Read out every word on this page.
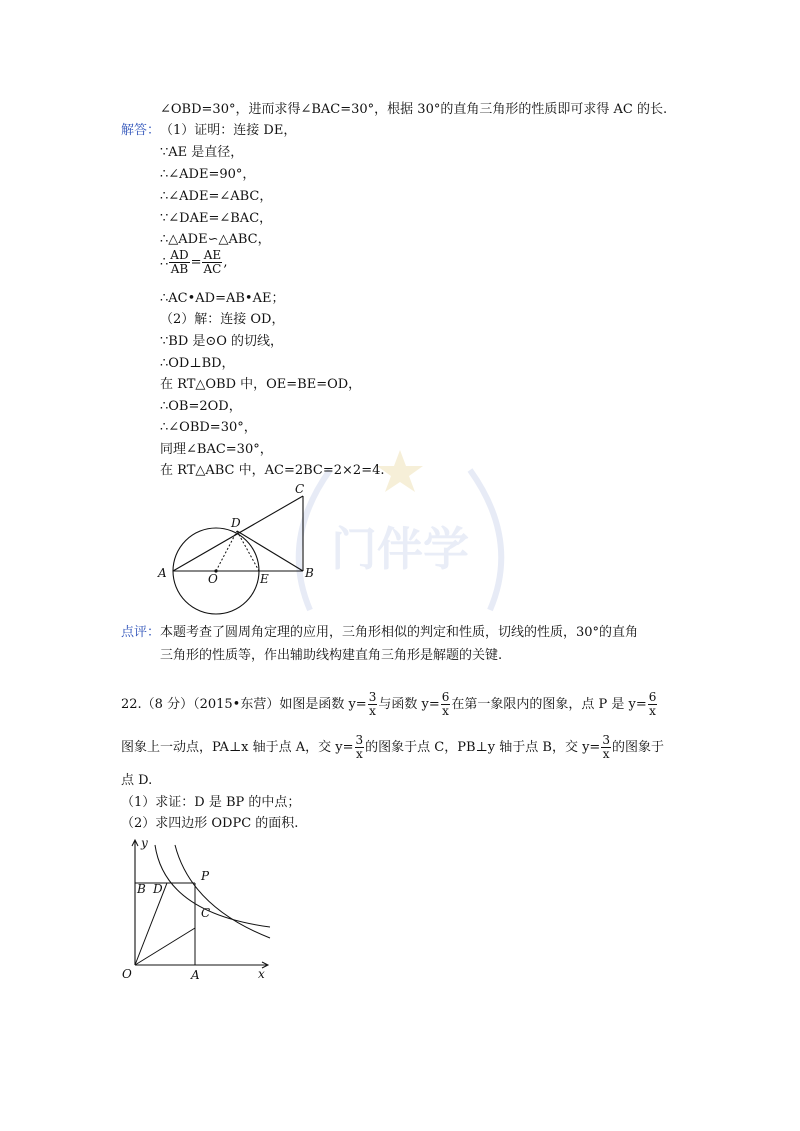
门伴学
∠OBD=30°，进而求得∠BAC=30°，根据 30°的直角三角形的性质即可求得 AC 的长.
解答： （1）证明：连接 DE，
∵AE 是直径，
∴∠ADE=90°，
∴∠ADE=∠ABC，
∵∠DAE=∠BAC，
∴△ADE∽△ABC，
∴ $\frac{AD}{AB} = \frac{AE}{AC}$ ,
∴AC•AD=AB•AE；
（2）解：连接 OD，
∵BD 是⊙O 的切线，
∴OD⊥BD，
在 RT△OBD 中，OE=BE=OD，
∴OB=2OD，
∴∠OBD=30°，
同理∠BAC=30°，
在 RT△ABC 中，AC=2BC=2×2=4.
A	O	E	B
D
C
点评： 本题考查了圆周角定理的应用，三角形相似的判定和性质，切线的性质，30°的直角
三角形的性质等，作出辅助线构建直角三角形是解题的关键.
22.（8 分）（2015•东营）如图是函数 $y= \frac{3}{x}$ 与函数 $y= \frac{6}{x}$ 在第一象限内的图象，点 P 是 $y= \frac{6}{x}$
图象上一动点，PA⊥x 轴于点 A，交 $y= \frac{3}{x}$ 的图象于点 C，PB⊥y 轴于点 B，交 $y= \frac{3}{x}$ 的图象于
点 D.
（1）求证：D 是 BP 的中点；
（2）求四边形 ODPC 的面积.
y
x
O	A
B D
P
C
